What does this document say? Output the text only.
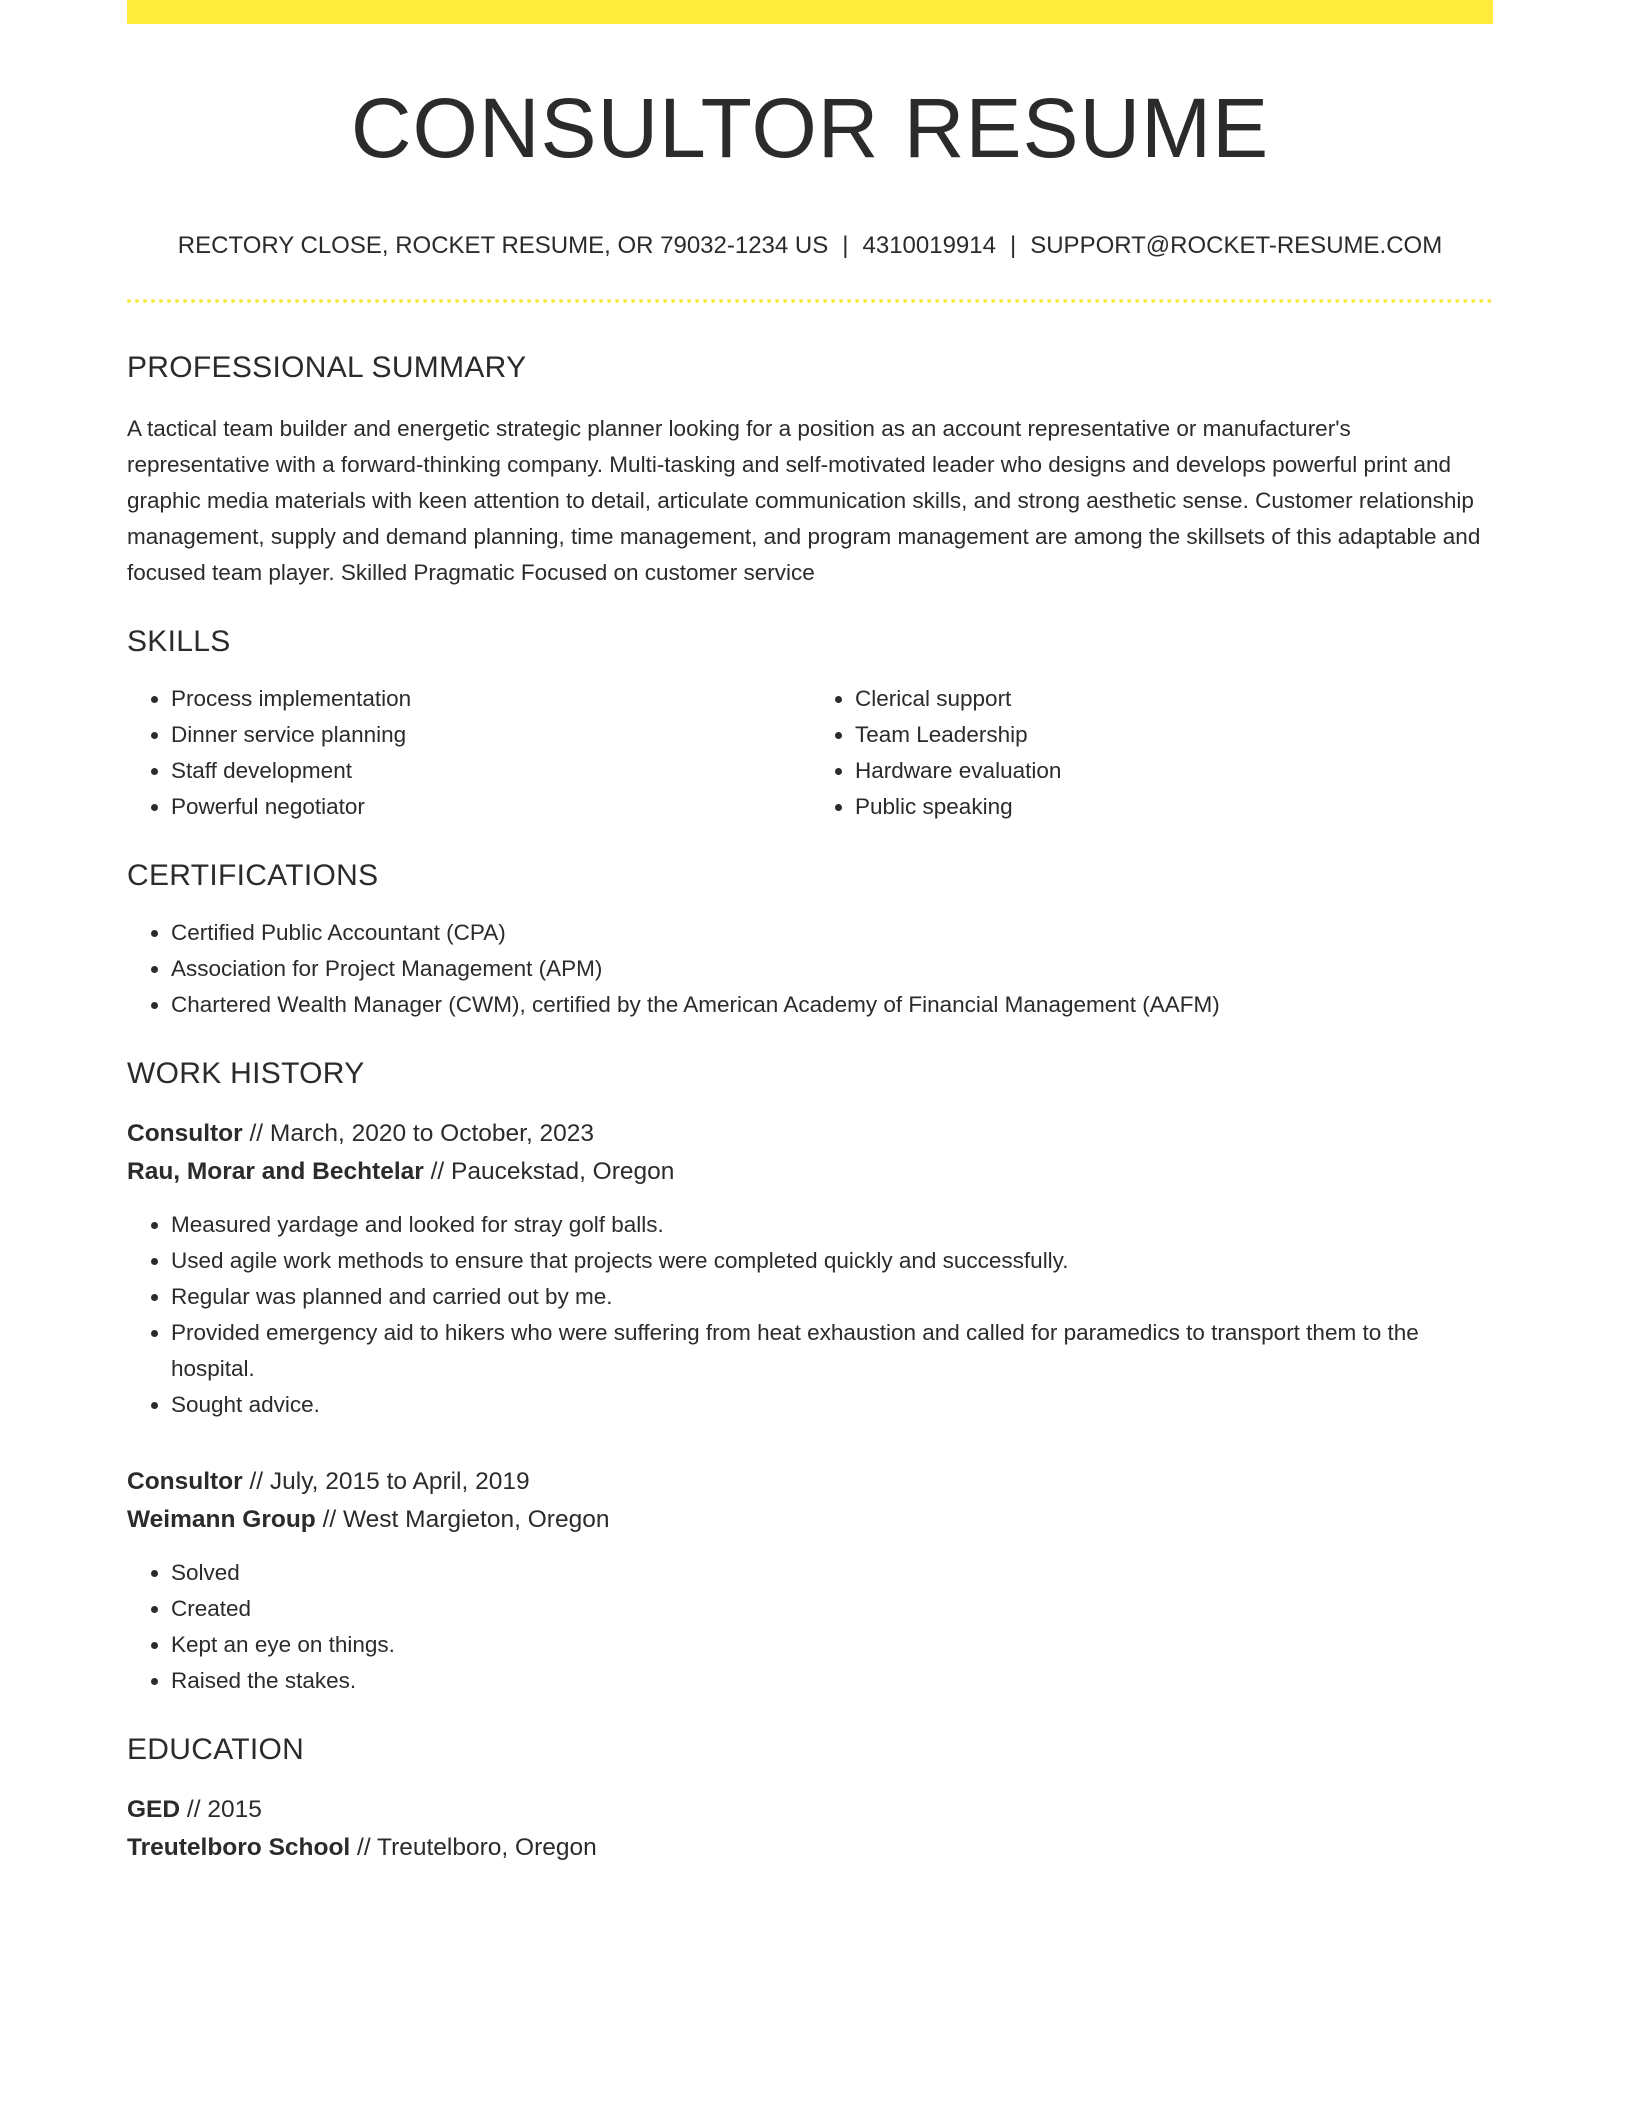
CONSULTOR RESUME
RECTORY CLOSE, ROCKET RESUME, OR 79032-1234 US | 4310019914 | SUPPORT@ROCKET-RESUME.COM
PROFESSIONAL SUMMARY
A tactical team builder and energetic strategic planner looking for a position as an account representative or manufacturer's representative with a forward-thinking company. Multi-tasking and self-motivated leader who designs and develops powerful print and graphic media materials with keen attention to detail, articulate communication skills, and strong aesthetic sense. Customer relationship management, supply and demand planning, time management, and program management are among the skillsets of this adaptable and focused team player. Skilled Pragmatic Focused on customer service
SKILLS
• Process implementation
• Dinner service planning
• Staff development
• Powerful negotiator
• Clerical support
• Team Leadership
• Hardware evaluation
• Public speaking
CERTIFICATIONS
• Certified Public Accountant (CPA)
• Association for Project Management (APM)
• Chartered Wealth Manager (CWM), certified by the American Academy of Financial Management (AAFM)
WORK HISTORY
Consultor // March, 2020 to October, 2023
Rau, Morar and Bechtelar // Paucekstad, Oregon
• Measured yardage and looked for stray golf balls.
• Used agile work methods to ensure that projects were completed quickly and successfully.
• Regular was planned and carried out by me.
• Provided emergency aid to hikers who were suffering from heat exhaustion and called for paramedics to transport them to the hospital.
• Sought advice.
Consultor // July, 2015 to April, 2019
Weimann Group // West Margieton, Oregon
• Solved
• Created
• Kept an eye on things.
• Raised the stakes.
EDUCATION
GED // 2015
Treutelboro School // Treutelboro, Oregon
